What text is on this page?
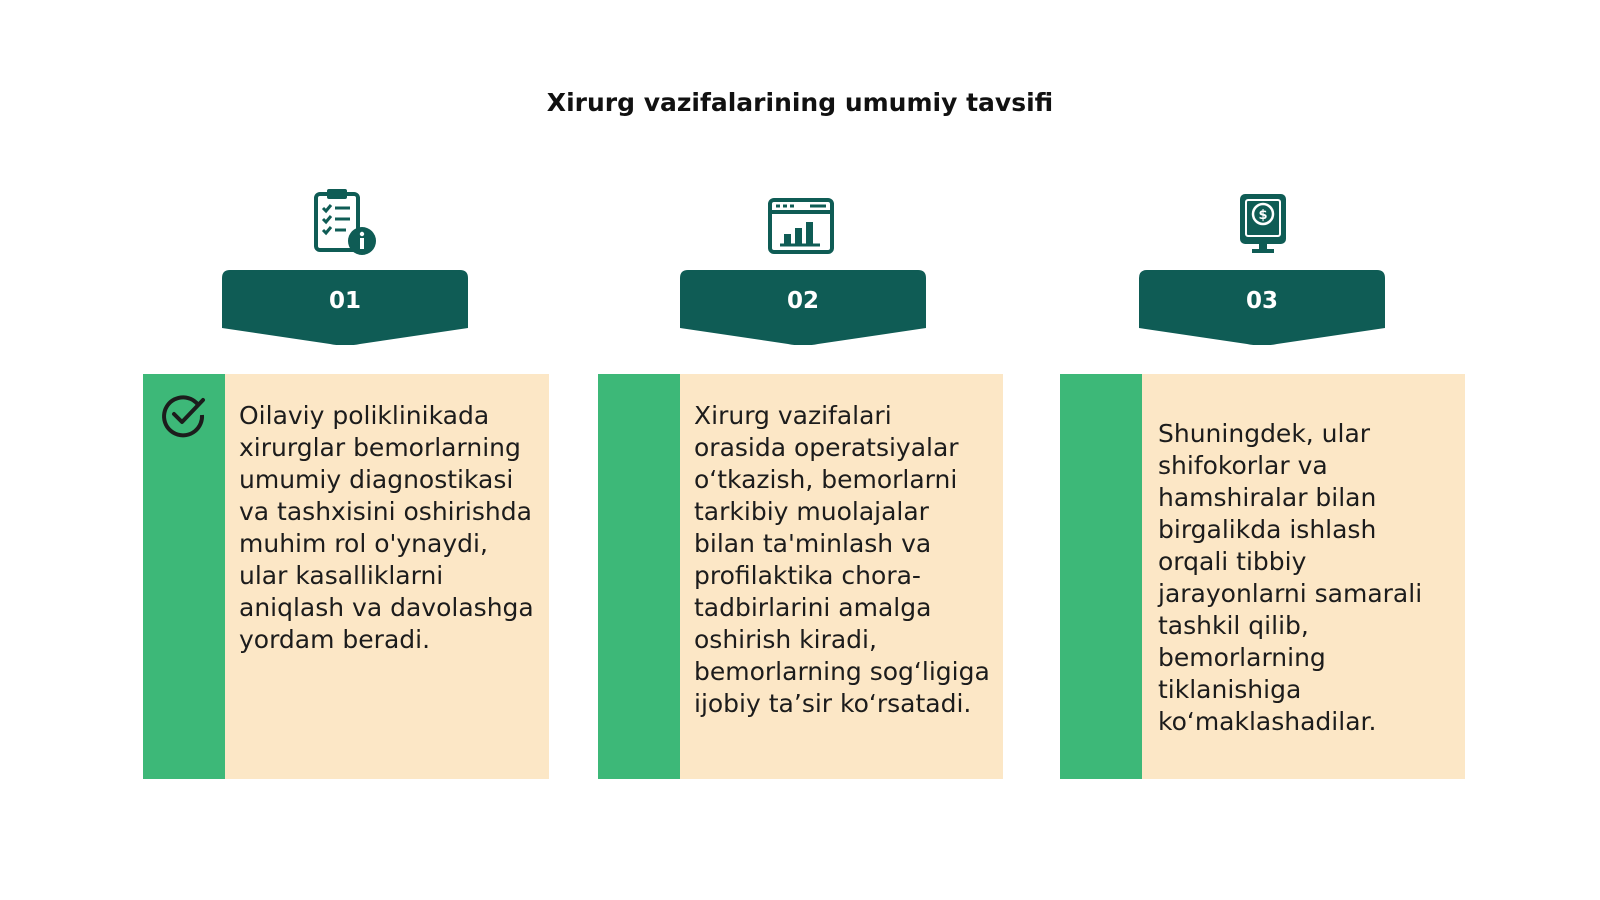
Xirurg vazifalarining umumiy tavsifi
01
Oilaviy poliklinikada xirurglar bemorlarning umumiy diagnostikasi va tashxisini oshirishda muhim rol o'ynaydi, ular kasalliklarni aniqlash va davolashga yordam beradi.
02
Xirurg vazifalari orasida operatsiyalar o‘tkazish, bemorlarni tarkibiy muolajalar bilan ta'minlash va profilaktika chora-tadbirlarini amalga oshirish kiradi, bemorlarning sog‘ligiga ijobiy ta’sir ko‘rsatadi.
$
03
Shuningdek, ular shifokorlar va hamshiralar bilan birgalikda ishlash orqali tibbiy jarayonlarni samarali tashkil qilib, bemorlarning tiklanishiga ko‘maklashadilar.
